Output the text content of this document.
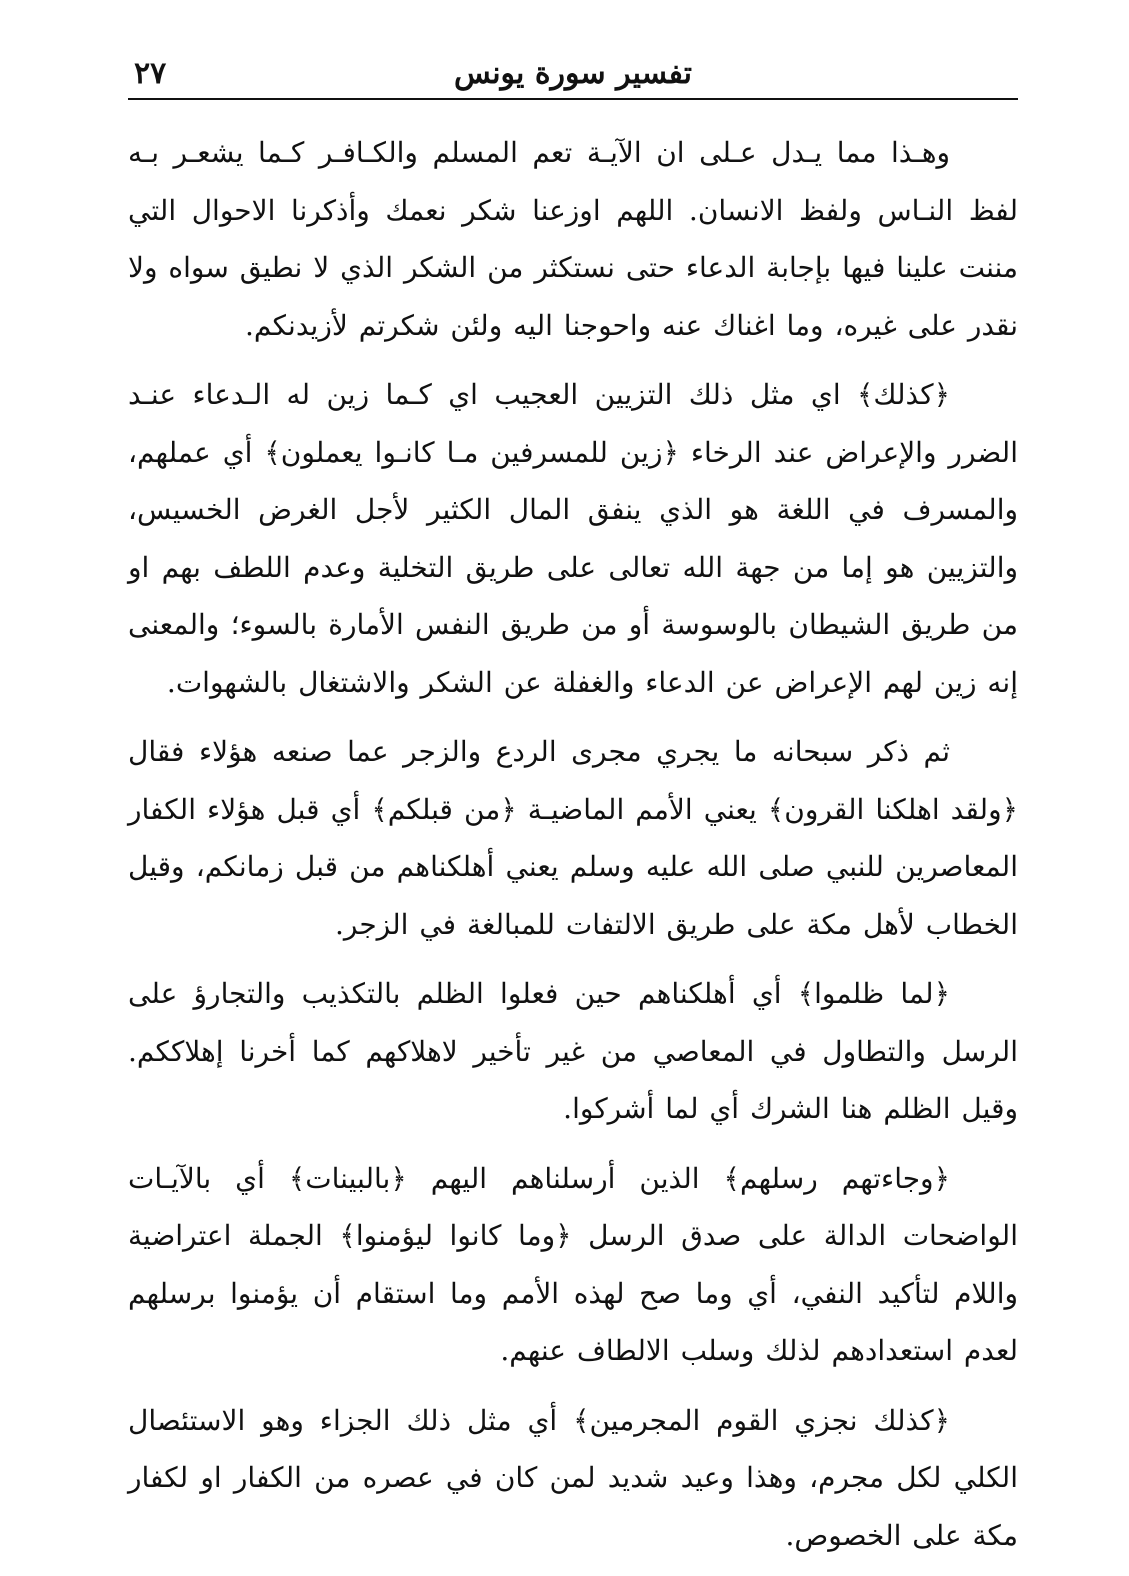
تفسير سورة يونس
٢٧

وهـذا مما يـدل عـلى ان الآيـة تعم المسلم والكـافـر كـما يشعـر بـه لفظ النـاس ولفظ الانسان. اللهم اوزعنا شكر نعمك وأذكرنا الاحوال التي مننت علينا فيها بإجابة الدعاء حتى نستكثر من الشكر الذي لا نطيق سواه ولا نقدر على غيره، وما اغناك عنه واحوجنا اليه ولئن شكرتم لأزيدنكم.

﴿كذلك﴾ اي مثل ذلك التزيين العجيب اي كـما زين له الـدعاء عنـد الضرر والإعراض عند الرخاء ﴿زين للمسرفين مـا كانـوا يعملون﴾ أي عملهم، والمسرف في اللغة هو الذي ينفق المال الكثير لأجل الغرض الخسيس، والتزيين هو إما من جهة الله تعالى على طريق التخلية وعدم اللطف بهم او من طريق الشيطان بالوسوسة أو من طريق النفس الأمارة بالسوء؛ والمعنى إنه زين لهم الإعراض عن الدعاء والغفلة عن الشكر والاشتغال بالشهوات.

ثم ذكر سبحانه ما يجري مجرى الردع والزجر عما صنعه هؤلاء فقال ﴿ولقد اهلكنا القرون﴾ يعني الأمم الماضيـة ﴿من قبلكم﴾ أي قبل هؤلاء الكفار المعاصرين للنبي صلى الله عليه وسلم يعني أهلكناهم من قبل زمانكم، وقيل الخطاب لأهل مكة على طريق الالتفات للمبالغة في الزجر.

﴿لما ظلموا﴾ أي أهلكناهم حين فعلوا الظلم بالتكذيب والتجارؤ على الرسل والتطاول في المعاصي من غير تأخير لاهلاكهم كما أخرنا إهلاككم. وقيل الظلم هنا الشرك أي لما أشركوا.

﴿وجاءتهم رسلهم﴾ الذين أرسلناهم اليهم ﴿بالبينات﴾ أي بالآيـات الواضحات الدالة على صدق الرسل ﴿وما كانوا ليؤمنوا﴾ الجملة اعتراضية واللام لتأكيد النفي، أي وما صح لهذه الأمم وما استقام أن يؤمنوا برسلهم لعدم استعدادهم لذلك وسلب الالطاف عنهم.

﴿كذلك نجزي القوم المجرمين﴾ أي مثل ذلك الجزاء وهو الاستئصال الكلي لكل مجرم، وهذا وعيد شديد لمن كان في عصره من الكفار او لكفار مكة على الخصوص.
